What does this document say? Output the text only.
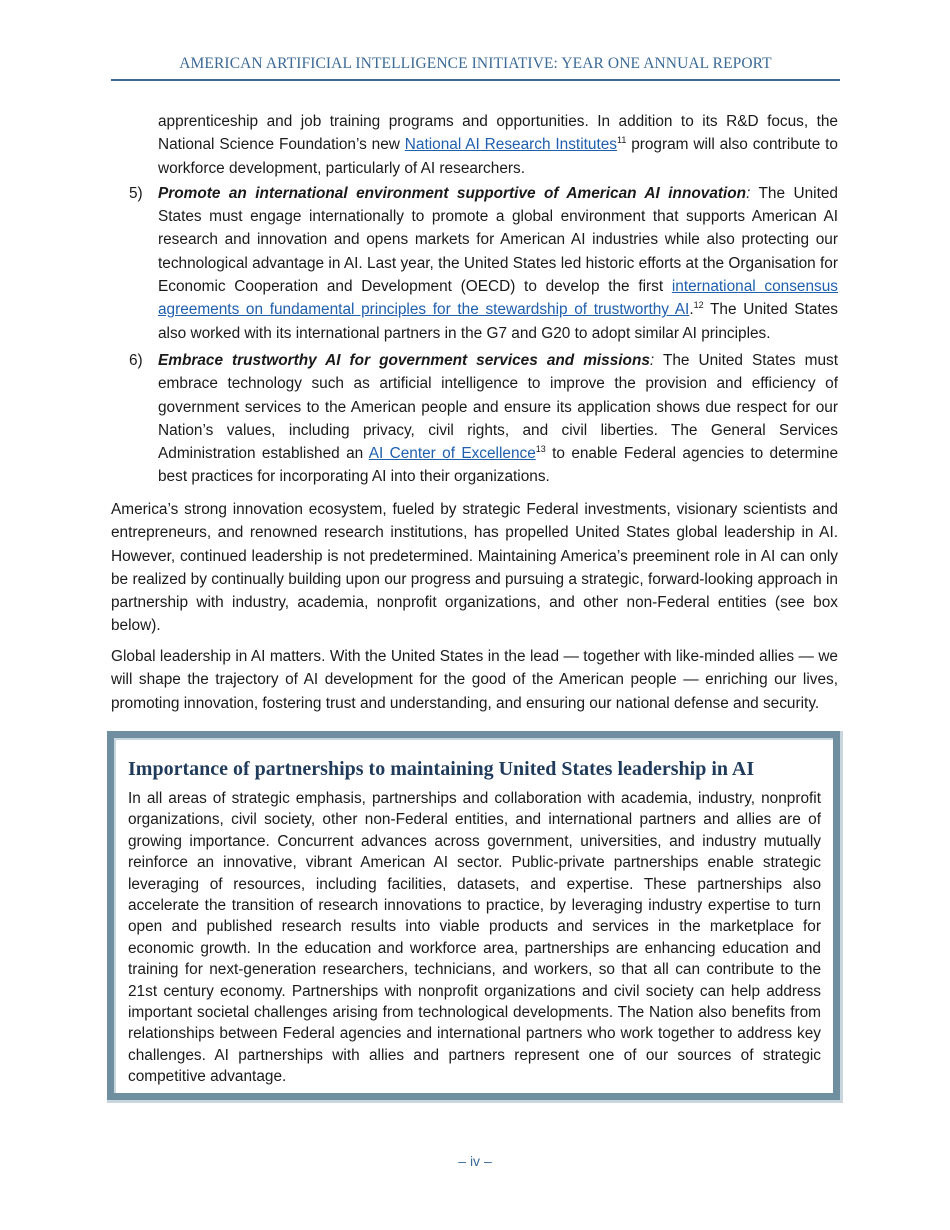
AMERICAN ARTIFICIAL INTELLIGENCE INITIATIVE: YEAR ONE ANNUAL REPORT
apprenticeship and job training programs and opportunities. In addition to its R&D focus, the National Science Foundation’s new National AI Research Institutes$^{11}$ program will also contribute to workforce development, particularly of AI researchers.
5) Promote an international environment supportive of American AI innovation: The United States must engage internationally to promote a global environment that supports American AI research and innovation and opens markets for American AI industries while also protecting our technological advantage in AI. Last year, the United States led historic efforts at the Organisation for Economic Cooperation and Development (OECD) to develop the first international consensus agreements on fundamental principles for the stewardship of trustworthy AI.$^{12}$ The United States also worked with its international partners in the G7 and G20 to adopt similar AI principles.
6) Embrace trustworthy AI for government services and missions: The United States must embrace technology such as artificial intelligence to improve the provision and efficiency of government services to the American people and ensure its application shows due respect for our Nation’s values, including privacy, civil rights, and civil liberties. The General Services Administration established an AI Center of Excellence$^{13}$ to enable Federal agencies to determine best practices for incorporating AI into their organizations.
America’s strong innovation ecosystem, fueled by strategic Federal investments, visionary scientists and entrepreneurs, and renowned research institutions, has propelled United States global leadership in AI. However, continued leadership is not predetermined. Maintaining America’s preeminent role in AI can only be realized by continually building upon our progress and pursuing a strategic, forward-looking approach in partnership with industry, academia, nonprofit organizations, and other non-Federal entities (see box below).
Global leadership in AI matters. With the United States in the lead — together with like-minded allies — we will shape the trajectory of AI development for the good of the American people — enriching our lives, promoting innovation, fostering trust and understanding, and ensuring our national defense and security.
Importance of partnerships to maintaining United States leadership in AI
In all areas of strategic emphasis, partnerships and collaboration with academia, industry, nonprofit organizations, civil society, other non-Federal entities, and international partners and allies are of growing importance. Concurrent advances across government, universities, and industry mutually reinforce an innovative, vibrant American AI sector. Public-private partnerships enable strategic leveraging of resources, including facilities, datasets, and expertise. These partnerships also accelerate the transition of research innovations to practice, by leveraging industry expertise to turn open and published research results into viable products and services in the marketplace for economic growth. In the education and workforce area, partnerships are enhancing education and training for next-generation researchers, technicians, and workers, so that all can contribute to the 21st century economy. Partnerships with nonprofit organizations and civil society can help address important societal challenges arising from technological developments. The Nation also benefits from relationships between Federal agencies and international partners who work together to address key challenges. AI partnerships with allies and partners represent one of our sources of strategic competitive advantage.
– iv –
